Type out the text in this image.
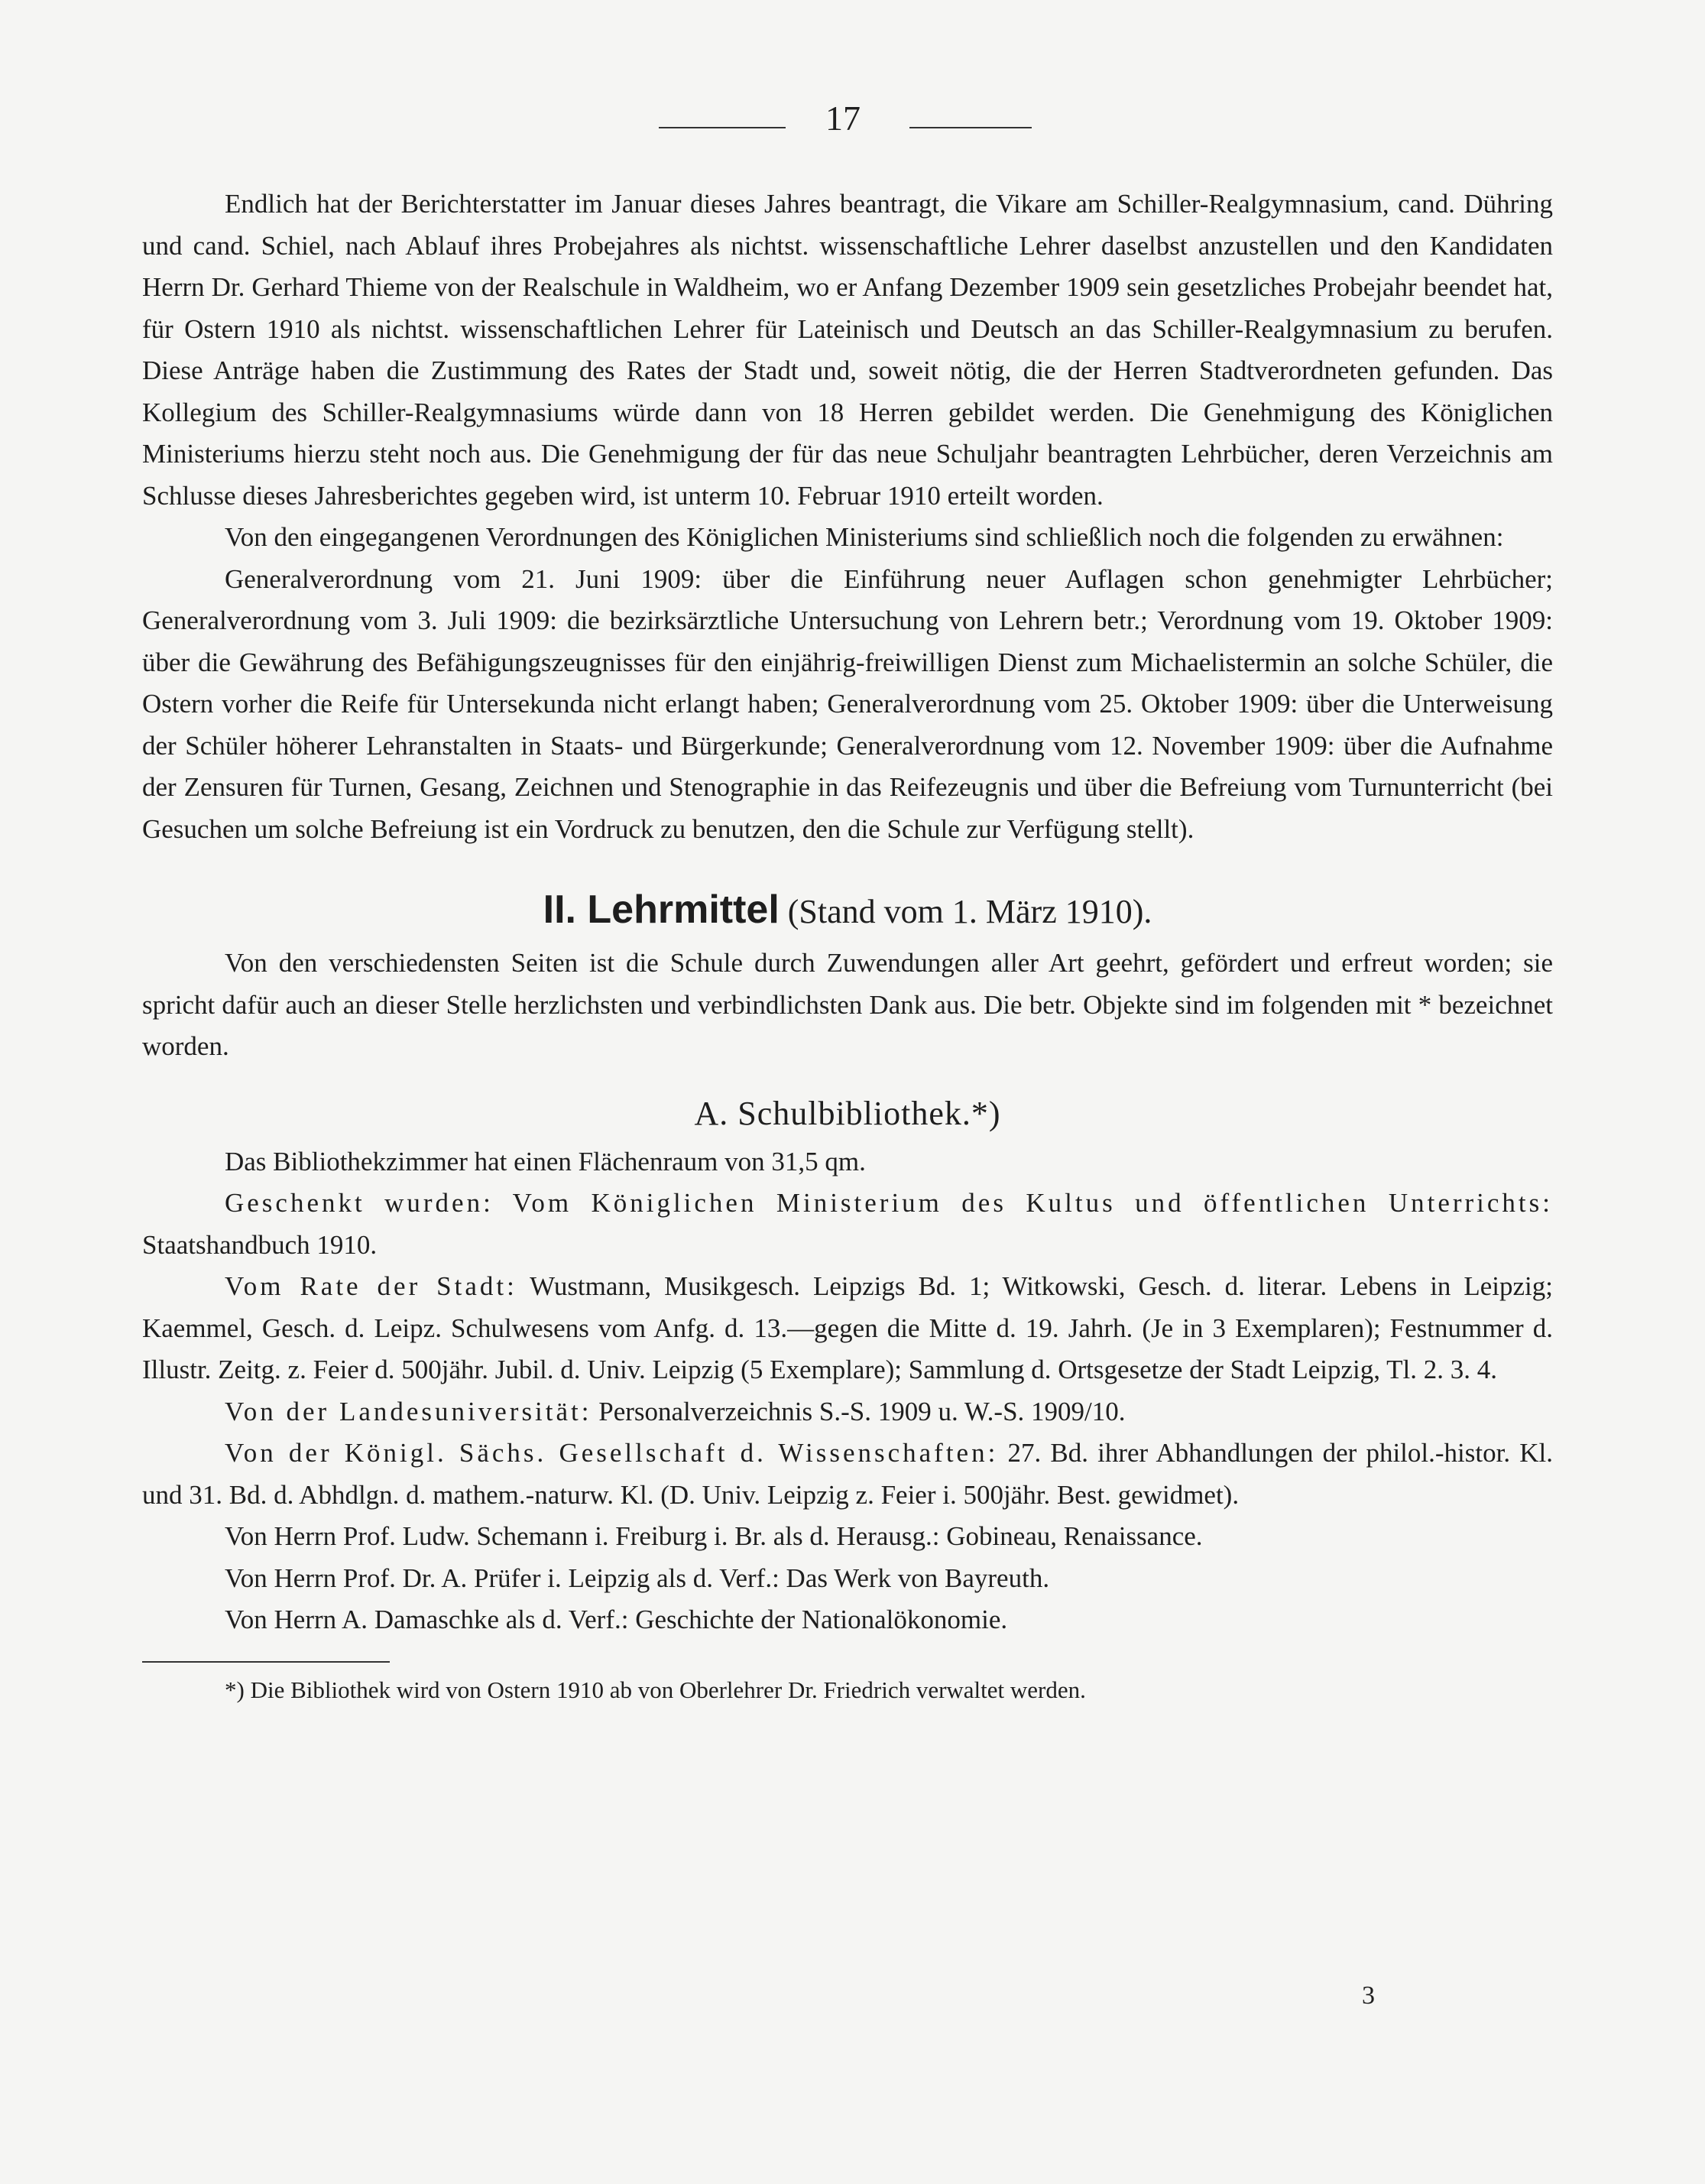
17

Endlich hat der Berichterstatter im Januar dieses Jahres beantragt, die Vikare am Schiller-Realgymnasium, cand. Dühring und cand. Schiel, nach Ablauf ihres Probejahres als nichtst. wissenschaftliche Lehrer daselbst anzustellen und den Kandidaten Herrn Dr. Gerhard Thieme von der Realschule in Waldheim, wo er Anfang Dezember 1909 sein gesetzliches Probejahr beendet hat, für Ostern 1910 als nichtst. wissenschaftlichen Lehrer für Lateinisch und Deutsch an das Schiller-Realgymnasium zu berufen. Diese Anträge haben die Zustimmung des Rates der Stadt und, soweit nötig, die der Herren Stadtverordneten gefunden. Das Kollegium des Schiller-Realgymnasiums würde dann von 18 Herren gebildet werden. Die Genehmigung des Königlichen Ministeriums hierzu steht noch aus. Die Genehmigung der für das neue Schuljahr beantragten Lehrbücher, deren Verzeichnis am Schlusse dieses Jahresberichtes gegeben wird, ist unterm 10. Februar 1910 erteilt worden.

Von den eingegangenen Verordnungen des Königlichen Ministeriums sind schließlich noch die folgenden zu erwähnen:

Generalverordnung vom 21. Juni 1909: über die Einführung neuer Auflagen schon genehmigter Lehrbücher; Generalverordnung vom 3. Juli 1909: die bezirksärztliche Untersuchung von Lehrern betr.; Verordnung vom 19. Oktober 1909: über die Gewährung des Befähigungszeugnisses für den einjährig-freiwilligen Dienst zum Michaelistermin an solche Schüler, die Ostern vorher die Reife für Untersekunda nicht erlangt haben; Generalverordnung vom 25. Oktober 1909: über die Unterweisung der Schüler höherer Lehranstalten in Staats- und Bürgerkunde; Generalverordnung vom 12. November 1909: über die Aufnahme der Zensuren für Turnen, Gesang, Zeichnen und Stenographie in das Reifezeugnis und über die Befreiung vom Turnunterricht (bei Gesuchen um solche Befreiung ist ein Vordruck zu benutzen, den die Schule zur Verfügung stellt).

II. Lehrmittel (Stand vom 1. März 1910).

Von den verschiedensten Seiten ist die Schule durch Zuwendungen aller Art geehrt, gefördert und erfreut worden; sie spricht dafür auch an dieser Stelle herzlichsten und verbindlichsten Dank aus. Die betr. Objekte sind im folgenden mit * bezeichnet worden.

A. Schulbibliothek.*)

Das Bibliothekzimmer hat einen Flächenraum von 31,5 qm.

Geschenkt wurden: Vom Königlichen Ministerium des Kultus und öffentlichen Unterrichts: Staatshandbuch 1910.

Vom Rate der Stadt: Wustmann, Musikgesch. Leipzigs Bd. 1; Witkowski, Gesch. d. literar. Lebens in Leipzig; Kaemmel, Gesch. d. Leipz. Schulwesens vom Anfg. d. 13.—gegen die Mitte d. 19. Jahrh. (Je in 3 Exemplaren); Festnummer d. Illustr. Zeitg. z. Feier d. 500jähr. Jubil. d. Univ. Leipzig (5 Exemplare); Sammlung d. Ortsgesetze der Stadt Leipzig, Tl. 2. 3. 4.

Von der Landesuniversität: Personalverzeichnis S.-S. 1909 u. W.-S. 1909/10.

Von der Königl. Sächs. Gesellschaft d. Wissenschaften: 27. Bd. ihrer Abhandlungen der philol.-histor. Kl. und 31. Bd. d. Abhdlgn. d. mathem.-naturw. Kl. (D. Univ. Leipzig z. Feier i. 500jähr. Best. gewidmet).

Von Herrn Prof. Ludw. Schemann i. Freiburg i. Br. als d. Herausg.: Gobineau, Renaissance.

Von Herrn Prof. Dr. A. Prüfer i. Leipzig als d. Verf.: Das Werk von Bayreuth.

Von Herrn A. Damaschke als d. Verf.: Geschichte der Nationalökonomie.

*) Die Bibliothek wird von Ostern 1910 ab von Oberlehrer Dr. Friedrich verwaltet werden.

3
